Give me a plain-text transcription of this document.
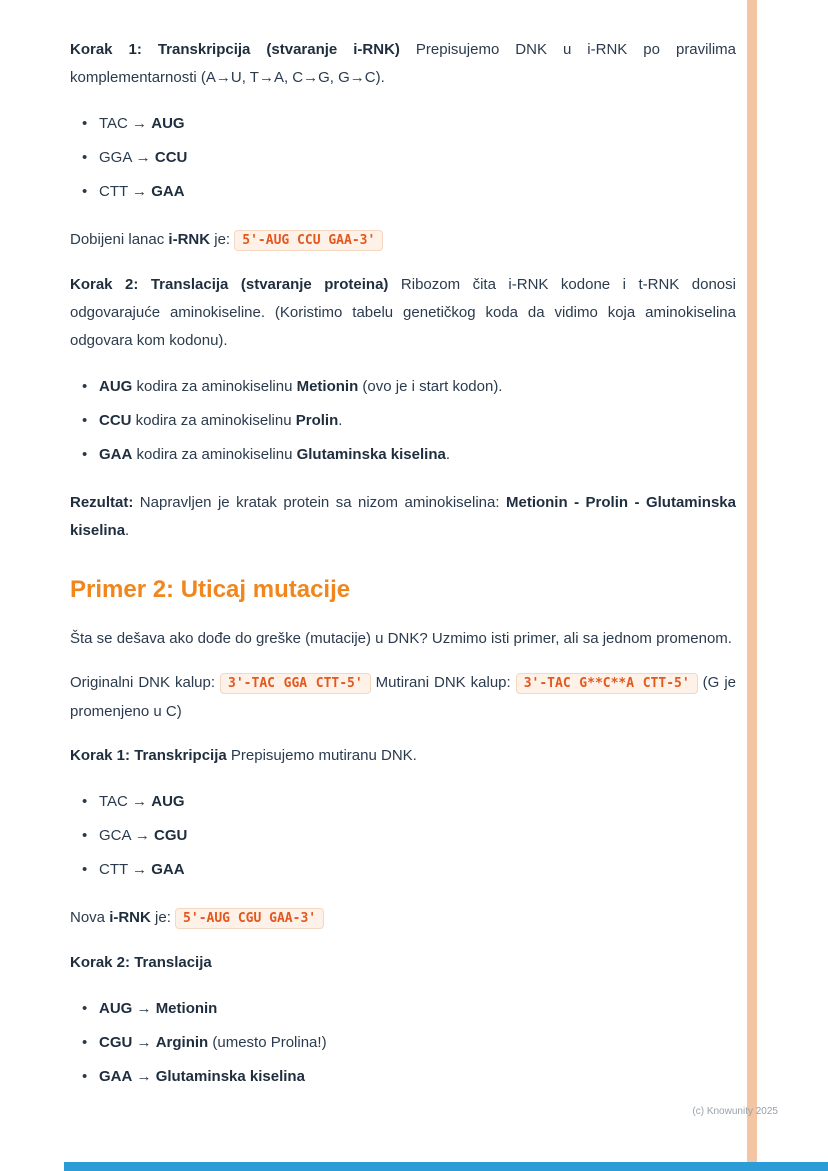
Korak 1: Transkripcija (stvaranje i-RNK) Prepisujemo DNK u i-RNK po pravilima komplementarnosti (A→U, T→A, C→G, G→C).

• TAC → AUG
• GGA → CCU
• CTT → GAA

Dobijeni lanac i-RNK je: 5'-AUG CCU GAA-3'

Korak 2: Translacija (stvaranje proteina) Ribozom čita i-RNK kodone i t-RNK donosi odgovarajuće aminokiseline. (Koristimo tabelu genetičkog koda da vidimo koja aminokiselina odgovara kom kodonu).

• AUG kodira za aminokiselinu Metionin (ovo je i start kodon).
• CCU kodira za aminokiselinu Prolin.
• GAA kodira za aminokiselinu Glutaminska kiselina.

Rezultat: Napravljen je kratak protein sa nizom aminokiselina: Metionin - Prolin - Glutaminska kiselina.

Primer 2: Uticaj mutacije

Šta se dešava ako dođe do greške (mutacije) u DNK? Uzmimo isti primer, ali sa jednom promenom.

Originalni DNK kalup: 3'-TAC GGA CTT-5' Mutirani DNK kalup: 3'-TAC G**C**A CTT-5' (G je promenjeno u C)

Korak 1: Transkripcija Prepisujemo mutiranu DNK.

• TAC → AUG
• GCA → CGU
• CTT → GAA

Nova i-RNK je: 5'-AUG CGU GAA-3'

Korak 2: Translacija

• AUG → Metionin
• CGU → Arginin (umesto Prolina!)
• GAA → Glutaminska kiselina
(c) Knowunity 2025
